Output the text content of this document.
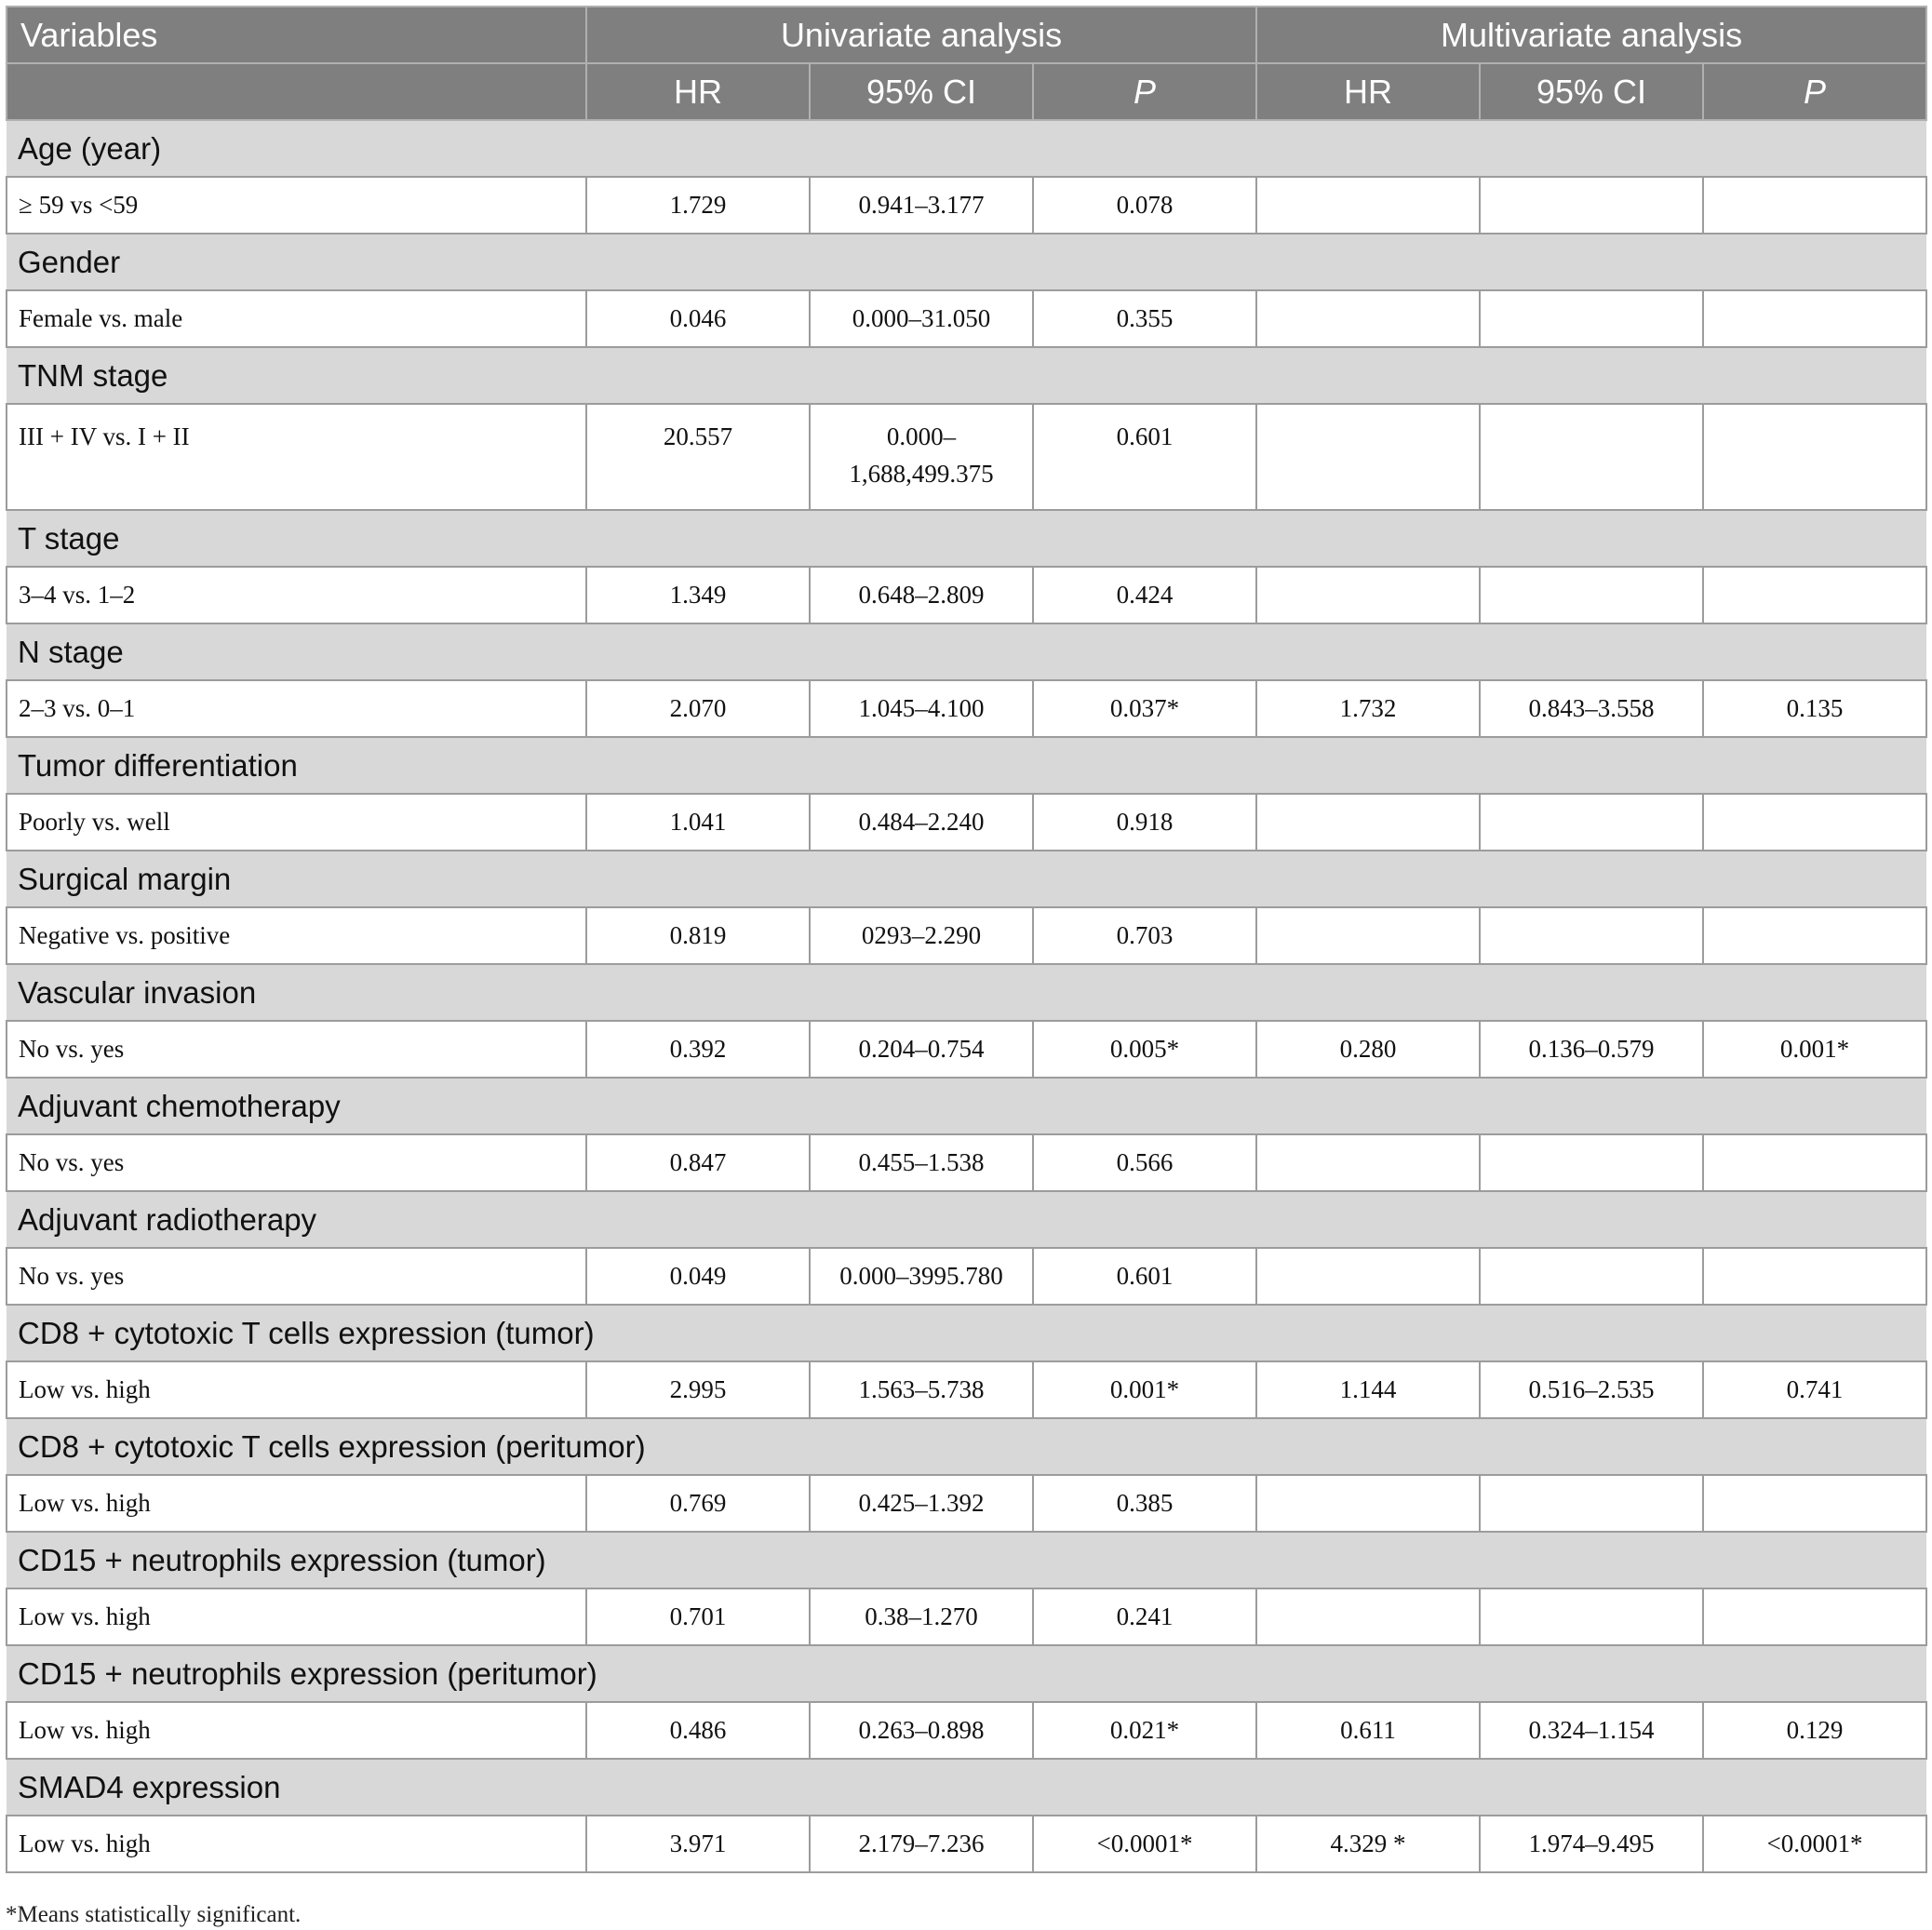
Variables	Univariate analysis			Multivariate analysis		
	HR	95% CI	P	HR	95% CI	P
Age (year)						
≥ 59 vs <59	1.729	0.941–3.177	0.078			
Gender						
Female vs. male	0.046	0.000–31.050	0.355			
TNM stage						
III + IV vs. I + II	20.557	0.000–
1,688,499.375	0.601			
T stage						
3–4 vs. 1–2	1.349	0.648–2.809	0.424			
N stage						
2–3 vs. 0–1	2.070	1.045–4.100	0.037*	1.732	0.843–3.558	0.135
Tumor differentiation						
Poorly vs. well	1.041	0.484–2.240	0.918			
Surgical margin						
Negative vs. positive	0.819	0293–2.290	0.703			
Vascular invasion						
No vs. yes	0.392	0.204–0.754	0.005*	0.280	0.136–0.579	0.001*
Adjuvant chemotherapy						
No vs. yes	0.847	0.455–1.538	0.566			
Adjuvant radiotherapy						
No vs. yes	0.049	0.000–3995.780	0.601			
CD8 + cytotoxic T cells expression (tumor)						
Low vs. high	2.995	1.563–5.738	0.001*	1.144	0.516–2.535	0.741
CD8 + cytotoxic T cells expression (peritumor)						
Low vs. high	0.769	0.425–1.392	0.385			
CD15 + neutrophils expression (tumor)						
Low vs. high	0.701	0.38–1.270	0.241			
CD15 + neutrophils expression (peritumor)						
Low vs. high	0.486	0.263–0.898	0.021*	0.611	0.324–1.154	0.129
SMAD4 expression						
Low vs. high	3.971	2.179–7.236	<0.0001*	4.329 *	1.974–9.495	<0.0001*
*Means statistically significant.
